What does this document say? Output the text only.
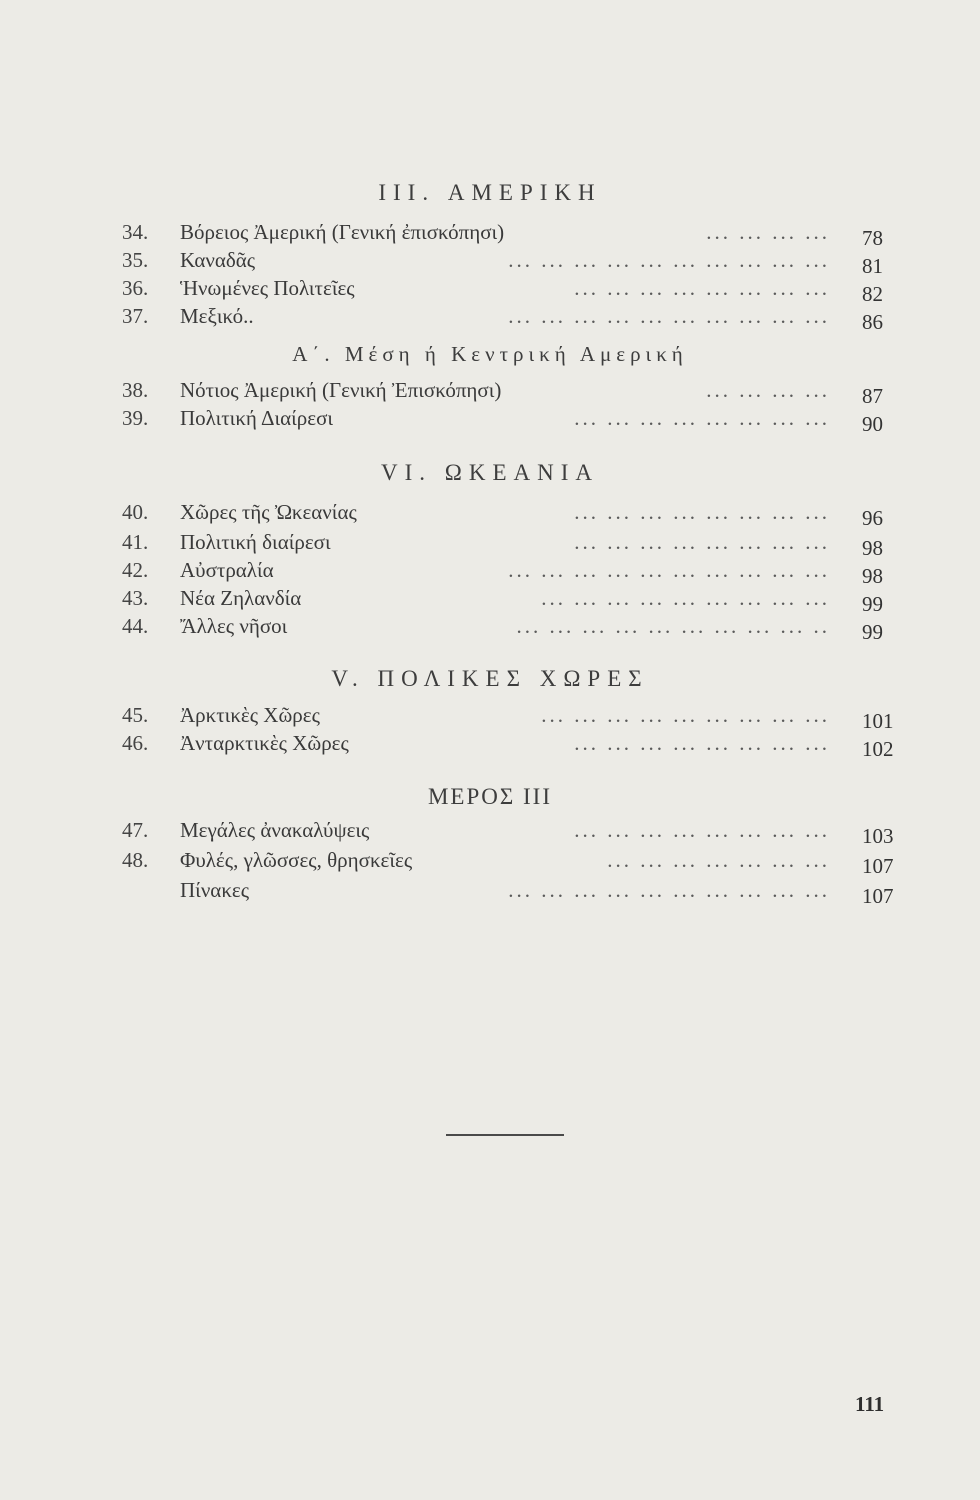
III. ΑΜΕΡΙΚΗ
34. Βόρειος Ἀμερική (Γενική ἐπισκόπησι)	... ... ... ... 78
35. Καναδᾶς	... ... ... ... ... ... ... ... ... ... 81
36. Ἡνωμένες Πολιτεῖες	... ... ... ... ... ... ... ... 82
37. Μεξικό..	... ... ... ... ... ... ... ... ... ... 86
Α΄. Μέση ή Κεντρική Αμερική
38. Νότιος Ἀμερική (Γενική Ἐπισκόπησι)	... ... ... ... 87
39. Πολιτική Διαίρεσι	... ... ... ... ... ... ... ... 90
VI. ΩΚΕΑΝΙΑ
40. Χῶρες τῆς Ὠκεανίας	... ... ... ... ... ... ... ... 96
41. Πολιτική διαίρεσι	... ... ... ... ... ... ... ... 98
42. Αὐστραλία	... ... ... ... ... ... ... ... ... ... 98
43. Νέα Ζηλανδία	... ... ... ... ... ... ... ... ... 99
44. Ἄλλες νῆσοι	.. ... ... ... ... ... ... ... ... ... 99
V. ΠΟΛΙΚΕΣ ΧΩΡΕΣ
45. Ἀρκτικὲς Χῶρες	... ... ... ... ... ... ... ... ... 101
46. Ἀνταρκτικὲς Χῶρες	... ... ... ... ... ... ... ... 102
ΜΕΡΟΣ ΙΙΙ
47. Μεγάλες ἀνακαλύψεις	... ... ... ... ... ... ... ... 103
48. Φυλές, γλῶσσες, θρησκεῖες	... ... ... ... ... ... ... 107
Πίνακες	... ... ... ... ... ... ... ... ... ... 107
111
